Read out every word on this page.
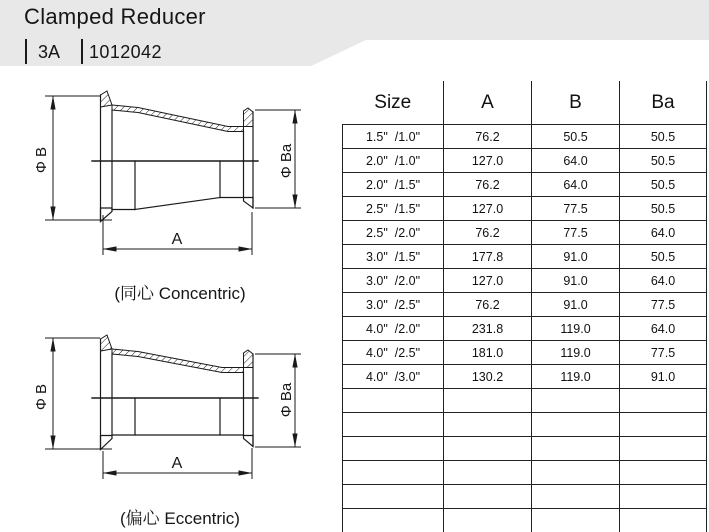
Clamped Reducer
3A 1012042
Φ B	Φ Ba
A
(同心 Concentric)
Φ B	Φ Ba
A
(偏心 Eccentric)
Size	A	B	Ba
1.5"  /1.0"	76.2	50.5	50.5
2.0"  /1.0"	127.0	64.0	50.5
2.0"  /1.5"	76.2	64.0	50.5
2.5"  /1.5"	127.0	77.5	50.5
2.5"  /2.0"	76.2	77.5	64.0
3.0"  /1.5"	177.8	91.0	50.5
3.0"  /2.0"	127.0	91.0	64.0
3.0"  /2.5"	76.2	91.0	77.5
4.0"  /2.0"	231.8	119.0	64.0
4.0"  /2.5"	181.0	119.0	77.5
4.0"  /3.0"	130.2	119.0	91.0
